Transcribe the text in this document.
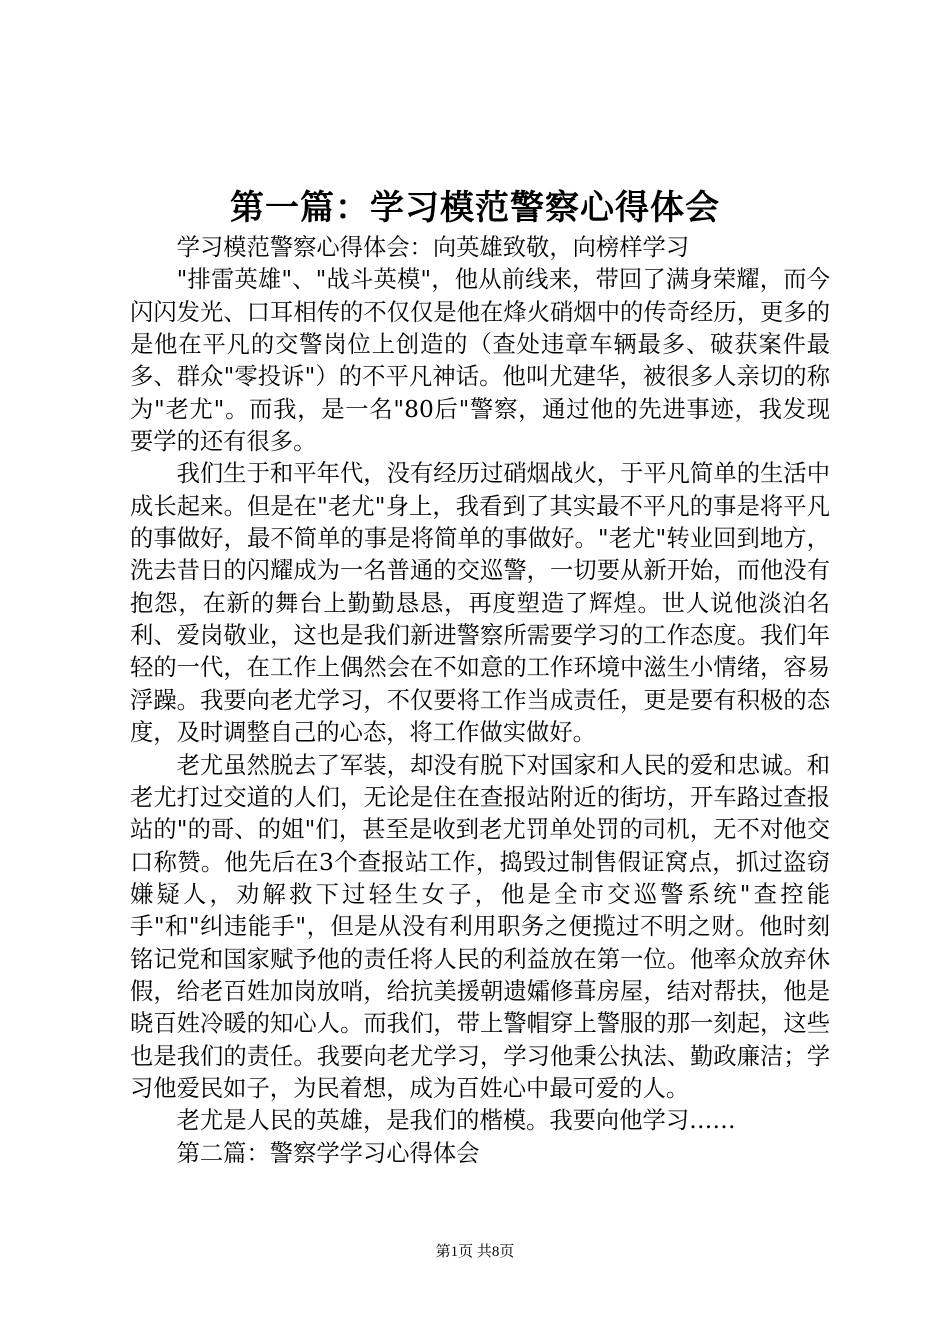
第一篇：学习模范警察心得体会

学习模范警察心得体会：向英雄致敬，向榜样学习

"排雷英雄"、"战斗英模"，他从前线来，带回了满身荣耀，而今闪闪发光、口耳相传的不仅仅是他在烽火硝烟中的传奇经历，更多的是他在平凡的交警岗位上创造的（查处违章车辆最多、破获案件最多、群众"零投诉"）的不平凡神话。他叫尤建华，被很多人亲切的称为"老尤"。而我，是一名"80后"警察，通过他的先进事迹，我发现要学的还有很多。

我们生于和平年代，没有经历过硝烟战火，于平凡简单的生活中成长起来。但是在"老尤"身上，我看到了其实最不平凡的事是将平凡的事做好，最不简单的事是将简单的事做好。"老尤"转业回到地方，洗去昔日的闪耀成为一名普通的交巡警，一切要从新开始，而他没有抱怨，在新的舞台上勤勤恳恳，再度塑造了辉煌。世人说他淡泊名利、爱岗敬业，这也是我们新进警察所需要学习的工作态度。我们年轻的一代，在工作上偶然会在不如意的工作环境中滋生小情绪，容易浮躁。我要向老尤学习，不仅要将工作当成责任，更是要有积极的态度，及时调整自己的心态，将工作做实做好。

老尤虽然脱去了军装，却没有脱下对国家和人民的爱和忠诚。和老尤打过交道的人们，无论是住在查报站附近的街坊，开车路过查报站的"的哥、的姐"们，甚至是收到老尤罚单处罚的司机，无不对他交口称赞。他先后在3个查报站工作，捣毁过制售假证窝点，抓过盗窃嫌疑人，劝解救下过轻生女子，他是全市交巡警系统"查控能手"和"纠违能手"，但是从没有利用职务之便揽过不明之财。他时刻铭记党和国家赋予他的责任将人民的利益放在第一位。他率众放弃休假，给老百姓加岗放哨，给抗美援朝遗孀修葺房屋，结对帮扶，他是晓百姓冷暖的知心人。而我们，带上警帽穿上警服的那一刻起，这些也是我们的责任。我要向老尤学习，学习他秉公执法、勤政廉洁；学习他爱民如子，为民着想，成为百姓心中最可爱的人。

老尤是人民的英雄，是我们的楷模。我要向他学习……

第二篇：警察学学习心得体会

第1页 共8页
